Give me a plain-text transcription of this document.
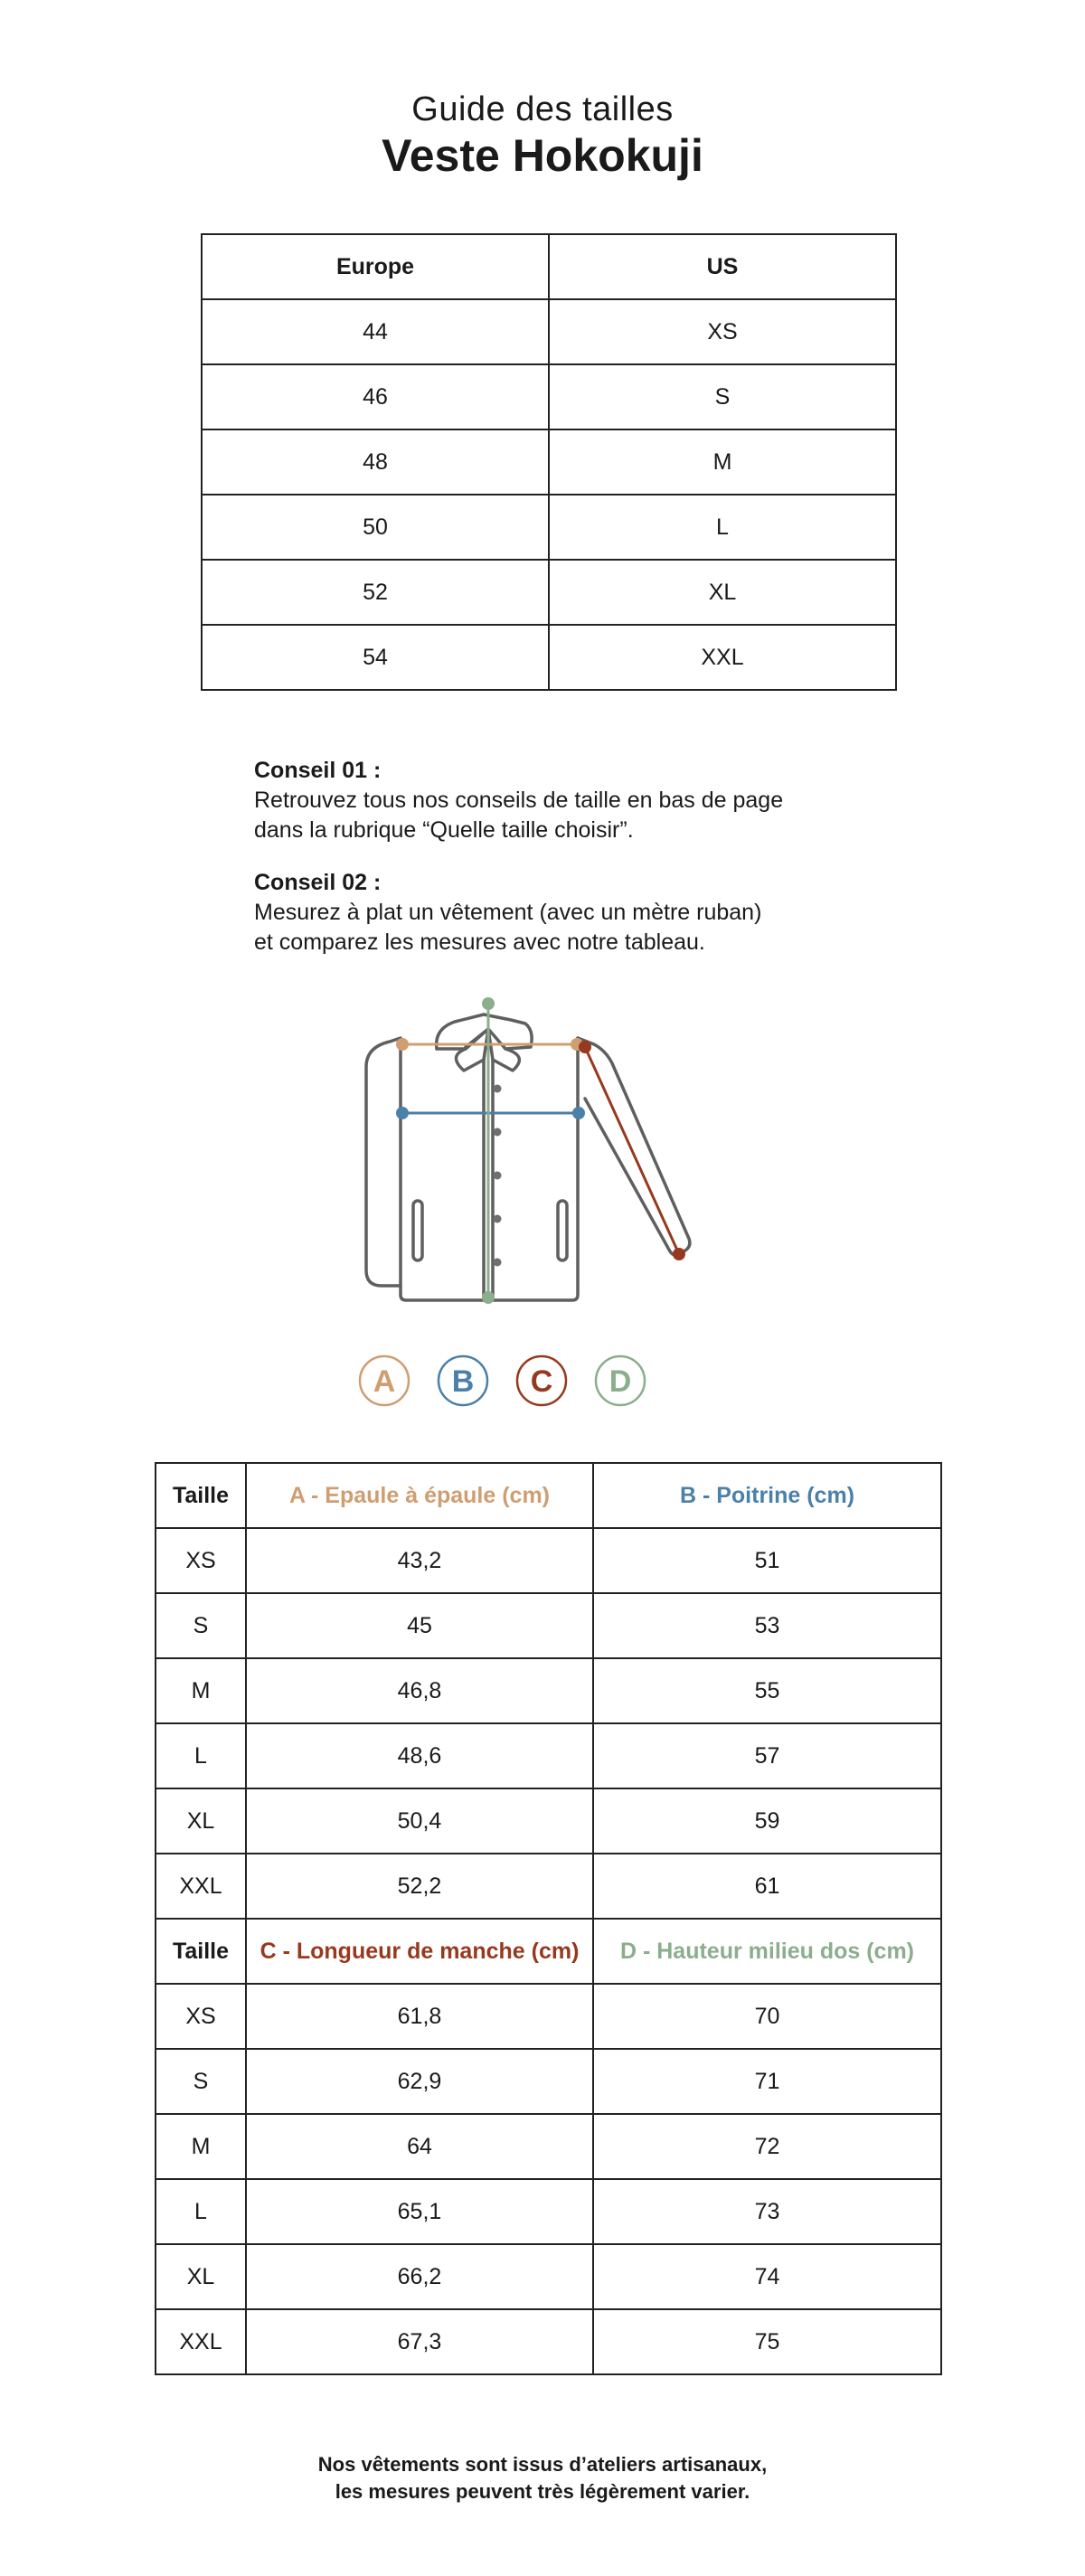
Guide des tailles
Veste Hokokuji
Europe	US
44	XS
46	S
48	M
50	L
52	XL
54	XXL
Conseil 01 :
Retrouvez tous nos conseils de taille en bas de page
dans la rubrique “Quelle taille choisir”.
Conseil 02 :
Mesurez à plat un vêtement (avec un mètre ruban)
et comparez les mesures avec notre tableau.
A B C D
Taille	A - Epaule à épaule (cm)	B - Poitrine (cm)
XS	43,2	51
S	45	53
M	46,8	55
L	48,6	57
XL	50,4	59
XXL	52,2	61
Taille	C - Longueur de manche (cm)	D - Hauteur milieu dos (cm)
XS	61,8	70
S	62,9	71
M	64	72
L	65,1	73
XL	66,2	74
XXL	67,3	75
Nos vêtements sont issus d’ateliers artisanaux,
les mesures peuvent très légèrement varier.
